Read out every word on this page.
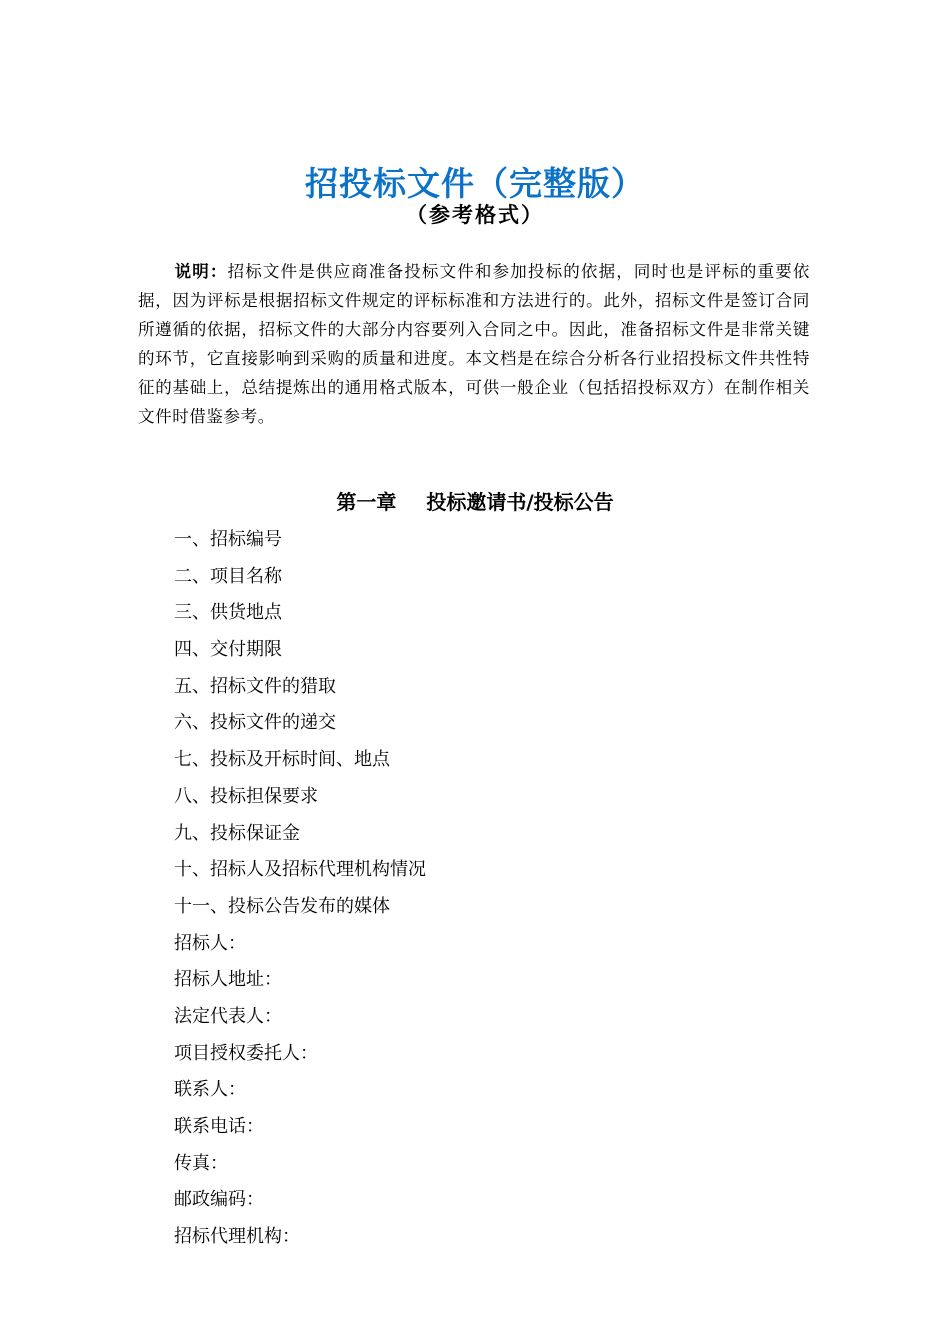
招投标文件（完整版）
（参考格式）
说明：招标文件是供应商准备投标文件和参加投标的依据，同时也是评标的重要依据，因为评标是根据招标文件规定的评标标准和方法进行的。此外，招标文件是签订合同所遵循的依据，招标文件的大部分内容要列入合同之中。因此，准备招标文件是非常关键的环节，它直接影响到采购的质量和进度。本文档是在综合分析各行业招投标文件共性特征的基础上，总结提炼出的通用格式版本，可供一般企业（包括招投标双方）在制作相关文件时借鉴参考。
第一章 投标邀请书/投标公告
一、招标编号
二、项目名称
三、供货地点
四、交付期限
五、招标文件的猎取
六、投标文件的递交
七、投标及开标时间、地点
八、投标担保要求
九、投标保证金
十、招标人及招标代理机构情况
十一、投标公告发布的媒体
招标人：
招标人地址：
法定代表人：
项目授权委托人：
联系人：
联系电话：
传真：
邮政编码：
招标代理机构：
